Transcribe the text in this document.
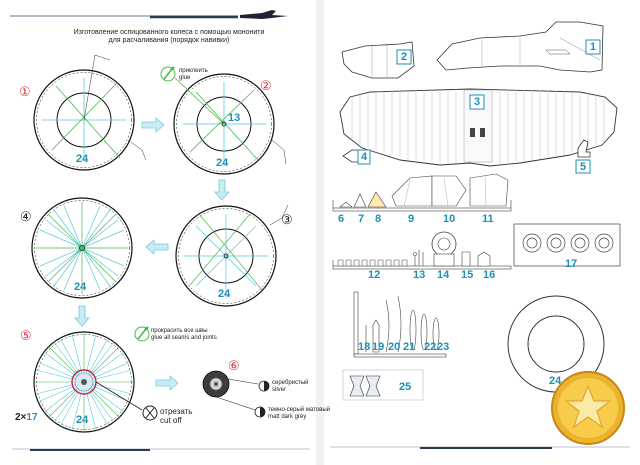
Изготовление оспицованного колеса с помощью мононити
для расчаливания (порядок навивки)
①
24
②
приклеить
glue
13
24
③
24
④
24
⑤	прокрасить все швы
glue all seams and joints
24
отрезать
cut off
⑥
серебристый
silver
темно-серый матовый
matt dark grey
2×17
1
2
3
4
5
6 7 8 9	10 11
12	13 14 15 16
17
18 19 20 21 22 23
24
25
